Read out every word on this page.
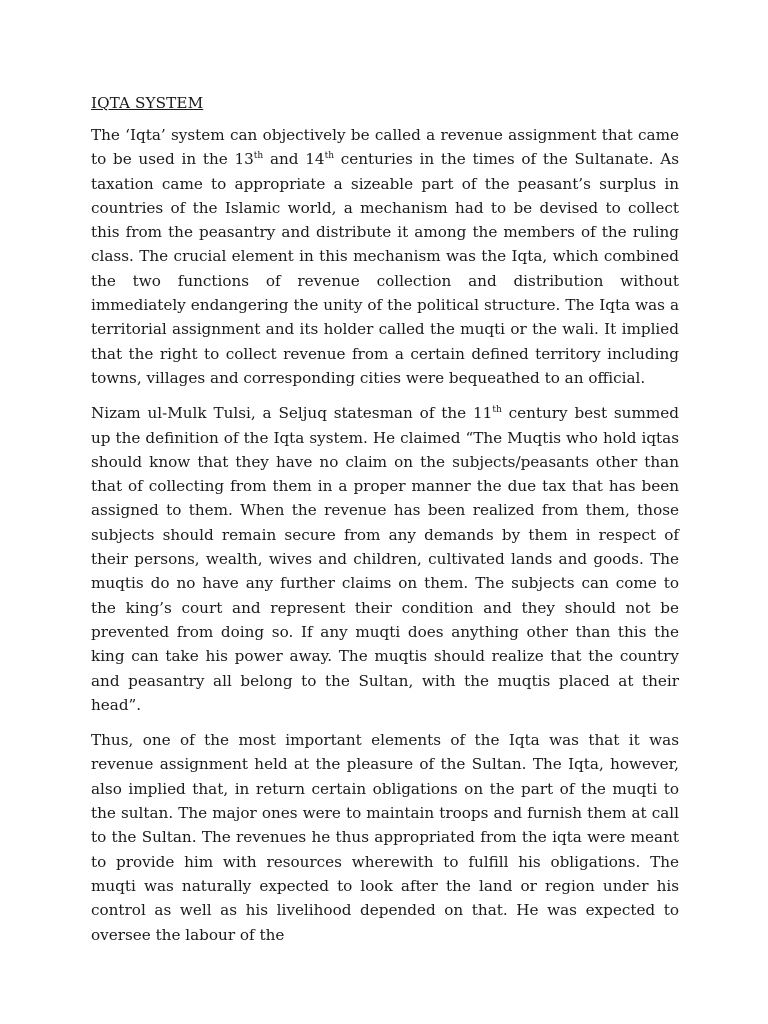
IQTA SYSTEM

The ‘Iqta’ system can objectively be called a revenue assignment that came to be used in the 13th and 14th centuries in the times of the Sultanate. As taxation came to appropriate a sizeable part of the peasant’s surplus in countries of the Islamic world, a mechanism had to be devised to collect this from the peasantry and distribute it among the members of the ruling class. The crucial element in this mechanism was the Iqta, which combined the two functions of revenue collection and distribution without immediately endangering the unity of the political structure. The Iqta was a territorial assignment and its holder called the muqti or the wali. It implied that the right to collect revenue from a certain defined territory including towns, villages and corresponding cities were bequeathed to an official.

Nizam ul-Mulk Tulsi, a Seljuq statesman of the 11th century best summed up the definition of the Iqta system. He claimed “The Muqtis who hold iqtas should know that they have no claim on the subjects/peasants other than that of collecting from them in a proper manner the due tax that has been assigned to them. When the revenue has been realized from them, those subjects should remain secure from any demands by them in respect of their persons, wealth, wives and children, cultivated lands and goods. The muqtis do no have any further claims on them. The subjects can come to the king’s court and represent their condition and they should not be prevented from doing so. If any muqti does anything other than this the king can take his power away. The muqtis should realize that the country and peasantry all belong to the Sultan, with the muqtis placed at their head”.

Thus, one of the most important elements of the Iqta was that it was revenue assignment held at the pleasure of the Sultan. The Iqta, however, also implied that, in return certain obligations on the part of the muqti to the sultan. The major ones were to maintain troops and furnish them at call to the Sultan. The revenues he thus appropriated from the iqta were meant to provide him with resources wherewith to fulfill his obligations. The muqti was naturally expected to look after the land or region under his control as well as his livelihood depended on that. He was expected to oversee the labour of the
